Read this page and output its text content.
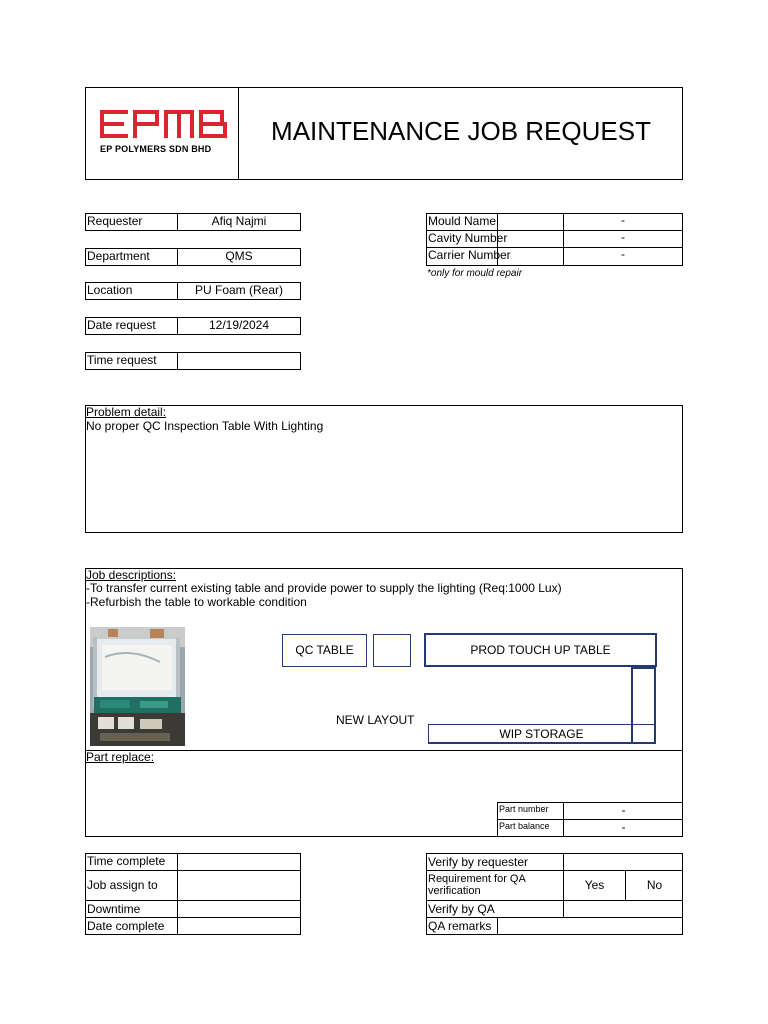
EP POLYMERS SDN BHD
MAINTENANCE JOB REQUEST
Requester	Afiq Najmi
Department	QMS
Location	PU Foam (Rear)
Date request	12/19/2024
Time request
Mould Name	-
Cavity Number	-
Carrier Number	-
*only for mould repair
Problem detail:
No proper QC Inspection Table With Lighting
Job descriptions:
-To transfer current existing table and provide power to supply the lighting (Req:1000 Lux)
-Refurbish the table to workable condition
QC TABLE	PROD TOUCH UP TABLE
NEW LAYOUT
WIP STORAGE
Part replace:
Part number	-
Part balance	-
Time complete
Job assign to
Downtime
Date complete
Verify by requester
Requirement for QA verification	Yes	No
Verify by QA
QA remarks
